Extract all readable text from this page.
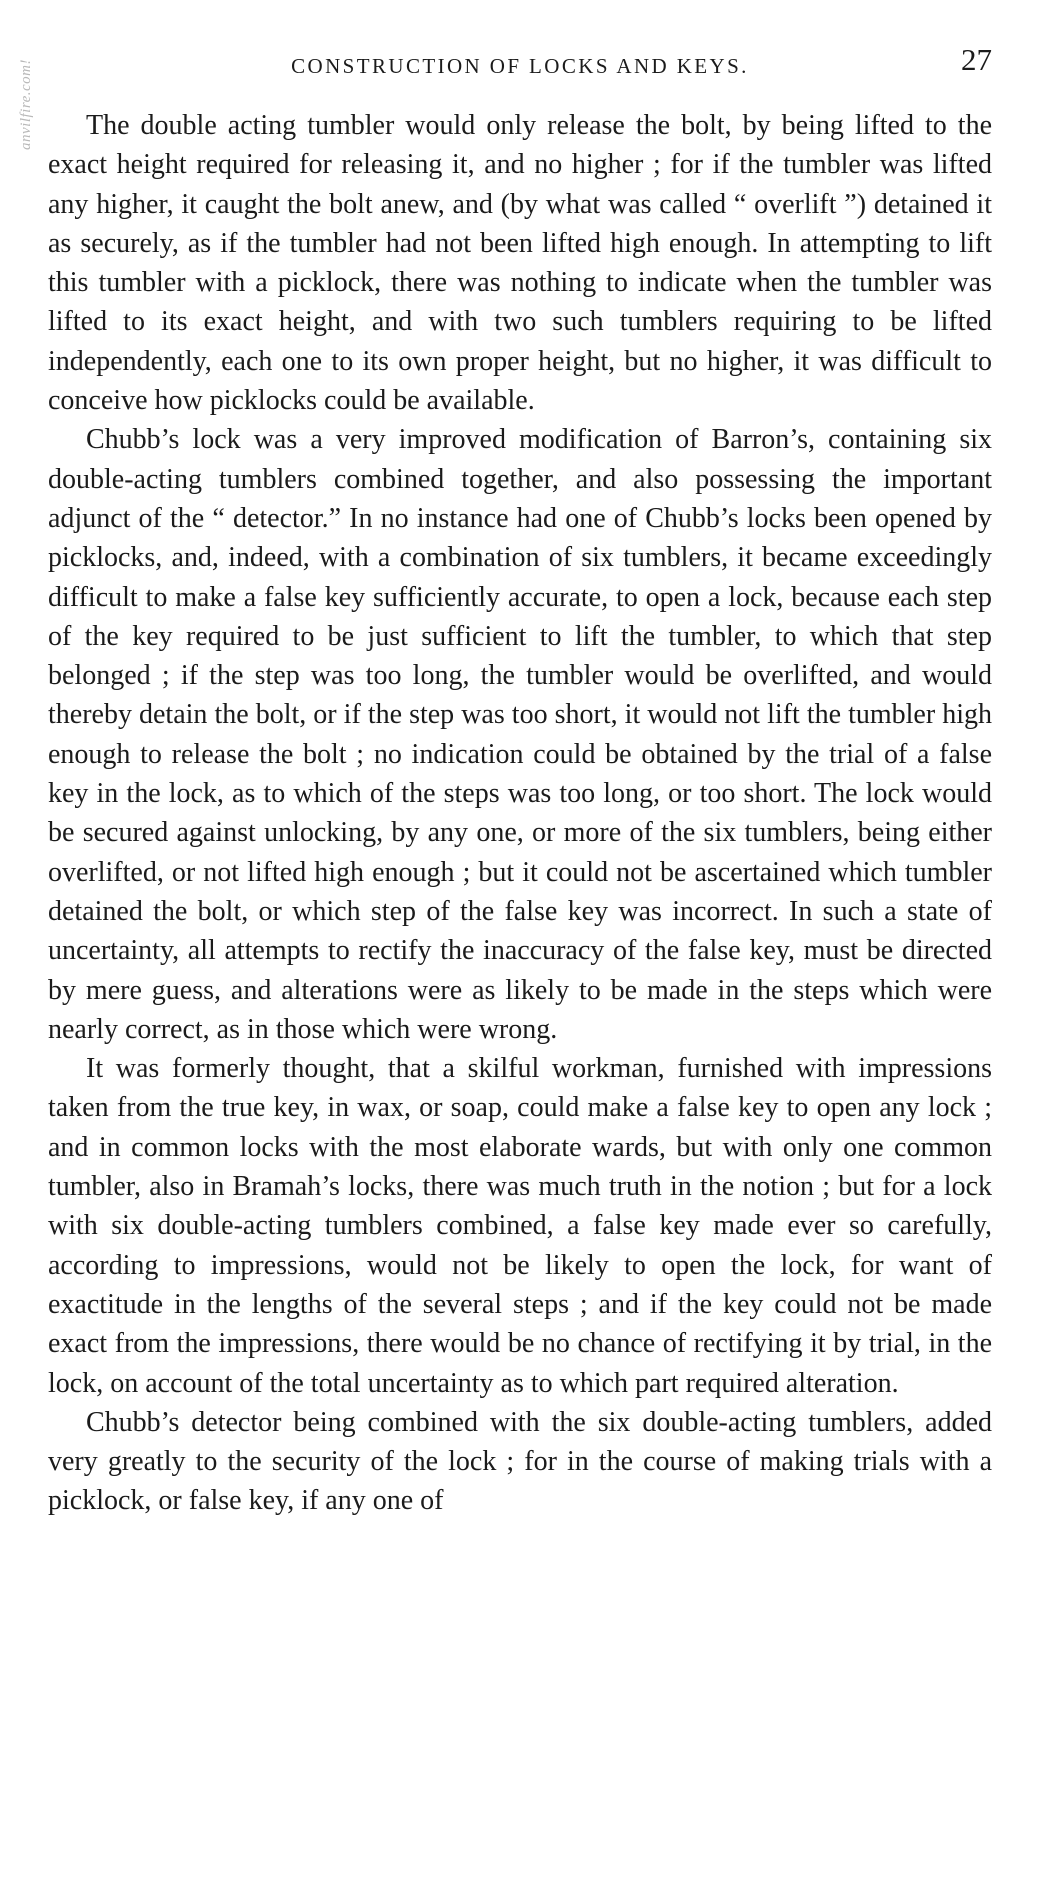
anvilfire.com!	CONSTRUCTION OF LOCKS AND KEYS.	27

The double acting tumbler would only release the bolt, by being lifted to the exact height required for releasing it, and no higher ; for if the tumbler was lifted any higher, it caught the bolt anew, and (by what was called “ overlift ”) detained it as securely, as if the tumbler had not been lifted high enough. In attempting to lift this tumbler with a picklock, there was nothing to indicate when the tumbler was lifted to its exact height, and with two such tumblers requiring to be lifted independently, each one to its own proper height, but no higher, it was difficult to conceive how picklocks could be available.

Chubb’s lock was a very improved modification of Barron’s, containing six double-acting tumblers combined together, and also possessing the important adjunct of the “ detector.” In no instance had one of Chubb’s locks been opened by picklocks, and, indeed, with a combination of six tumblers, it became exceedingly difficult to make a false key sufficiently accurate, to open a lock, because each step of the key required to be just sufficient to lift the tumbler, to which that step belonged ; if the step was too long, the tumbler would be overlifted, and would thereby detain the bolt, or if the step was too short, it would not lift the tumbler high enough to release the bolt ; no indication could be obtained by the trial of a false key in the lock, as to which of the steps was too long, or too short. The lock would be secured against unlocking, by any one, or more of the six tumblers, being either overlifted, or not lifted high enough ; but it could not be ascertained which tumbler detained the bolt, or which step of the false key was incorrect. In such a state of uncertainty, all attempts to rectify the inaccuracy of the false key, must be directed by mere guess, and alterations were as likely to be made in the steps which were nearly correct, as in those which were wrong.

It was formerly thought, that a skilful workman, furnished with impressions taken from the true key, in wax, or soap, could make a false key to open any lock ; and in common locks with the most elaborate wards, but with only one common tumbler, also in Bramah’s locks, there was much truth in the notion ; but for a lock with six double-acting tumblers combined, a false key made ever so carefully, according to impressions, would not be likely to open the lock, for want of exactitude in the lengths of the several steps ; and if the key could not be made exact from the impressions, there would be no chance of rectifying it by trial, in the lock, on account of the total uncertainty as to which part required alteration.

Chubb’s detector being combined with the six double-acting tumblers, added very greatly to the security of the lock ; for in the course of making trials with a picklock, or false key, if any one of
